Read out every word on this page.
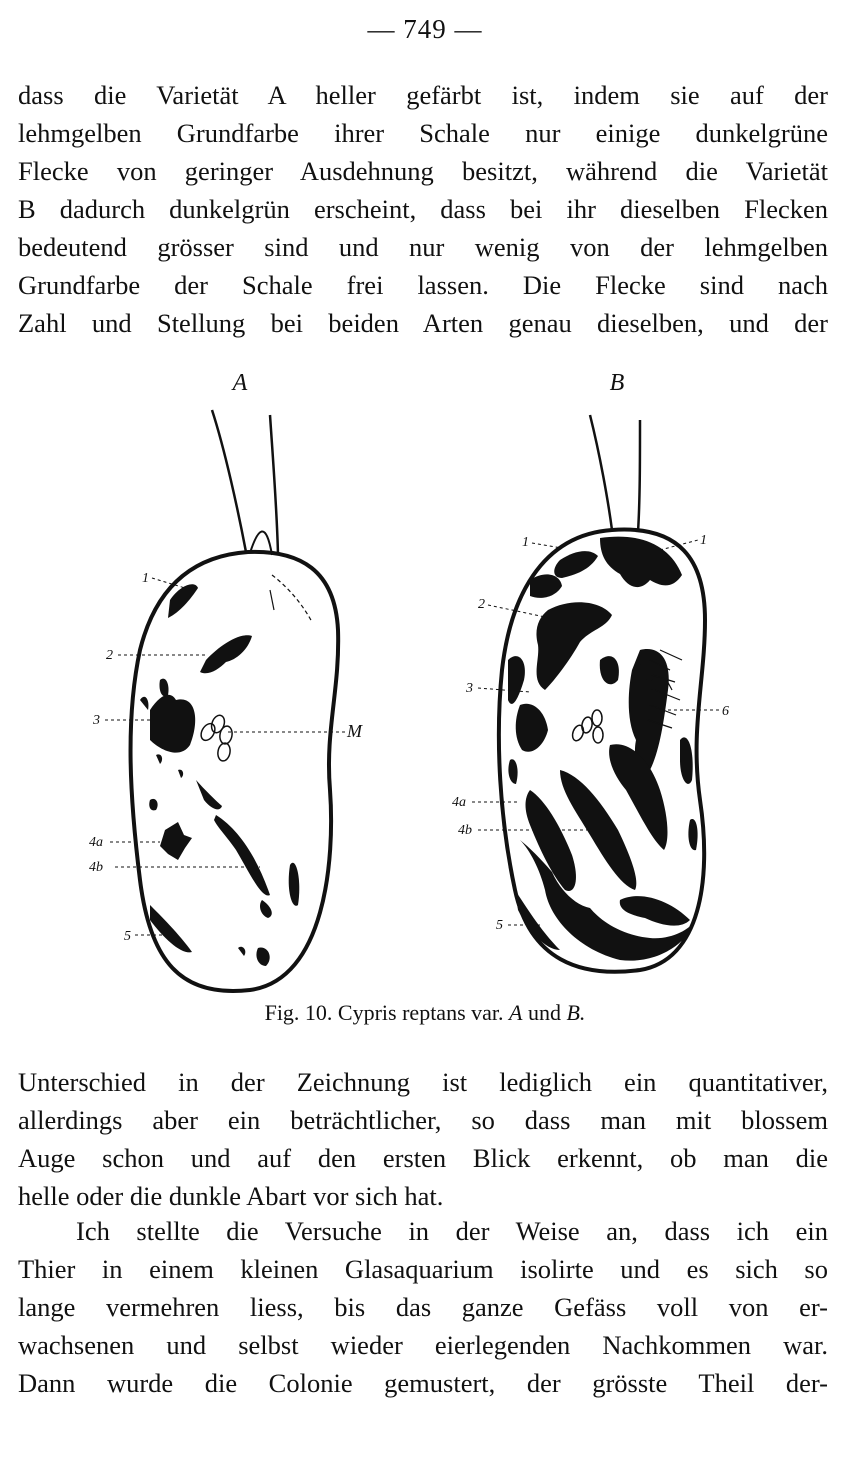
— 749 —
dass die Varietät A heller gefärbt ist, indem sie auf der
lehmgelben Grundfarbe ihrer Schale nur einige dunkelgrüne
Flecke von geringer Ausdehnung besitzt, während die Varietät
B dadurch dunkelgrün erscheint, dass bei ihr dieselben Flecken
bedeutend grösser sind und nur wenig von der lehmgelben
Grundfarbe der Schale frei lassen. Die Flecke sind nach
Zahl und Stellung bei beiden Arten genau dieselben, und der
A
1
2
3
4a
4b
5
M
B
1	1
2
3
6
4a
4b
5
Fig. 10. Cypris reptans var. A und B.
Unterschied in der Zeichnung ist lediglich ein quantitativer,
allerdings aber ein beträchtlicher, so dass man mit blossem
Auge schon und auf den ersten Blick erkennt, ob man die
helle oder die dunkle Abart vor sich hat.
Ich stellte die Versuche in der Weise an, dass ich ein
Thier in einem kleinen Glasaquarium isolirte und es sich so
lange vermehren liess, bis das ganze Gefäss voll von er-
wachsenen und selbst wieder eierlegenden Nachkommen war.
Dann wurde die Colonie gemustert, der grösste Theil der-
